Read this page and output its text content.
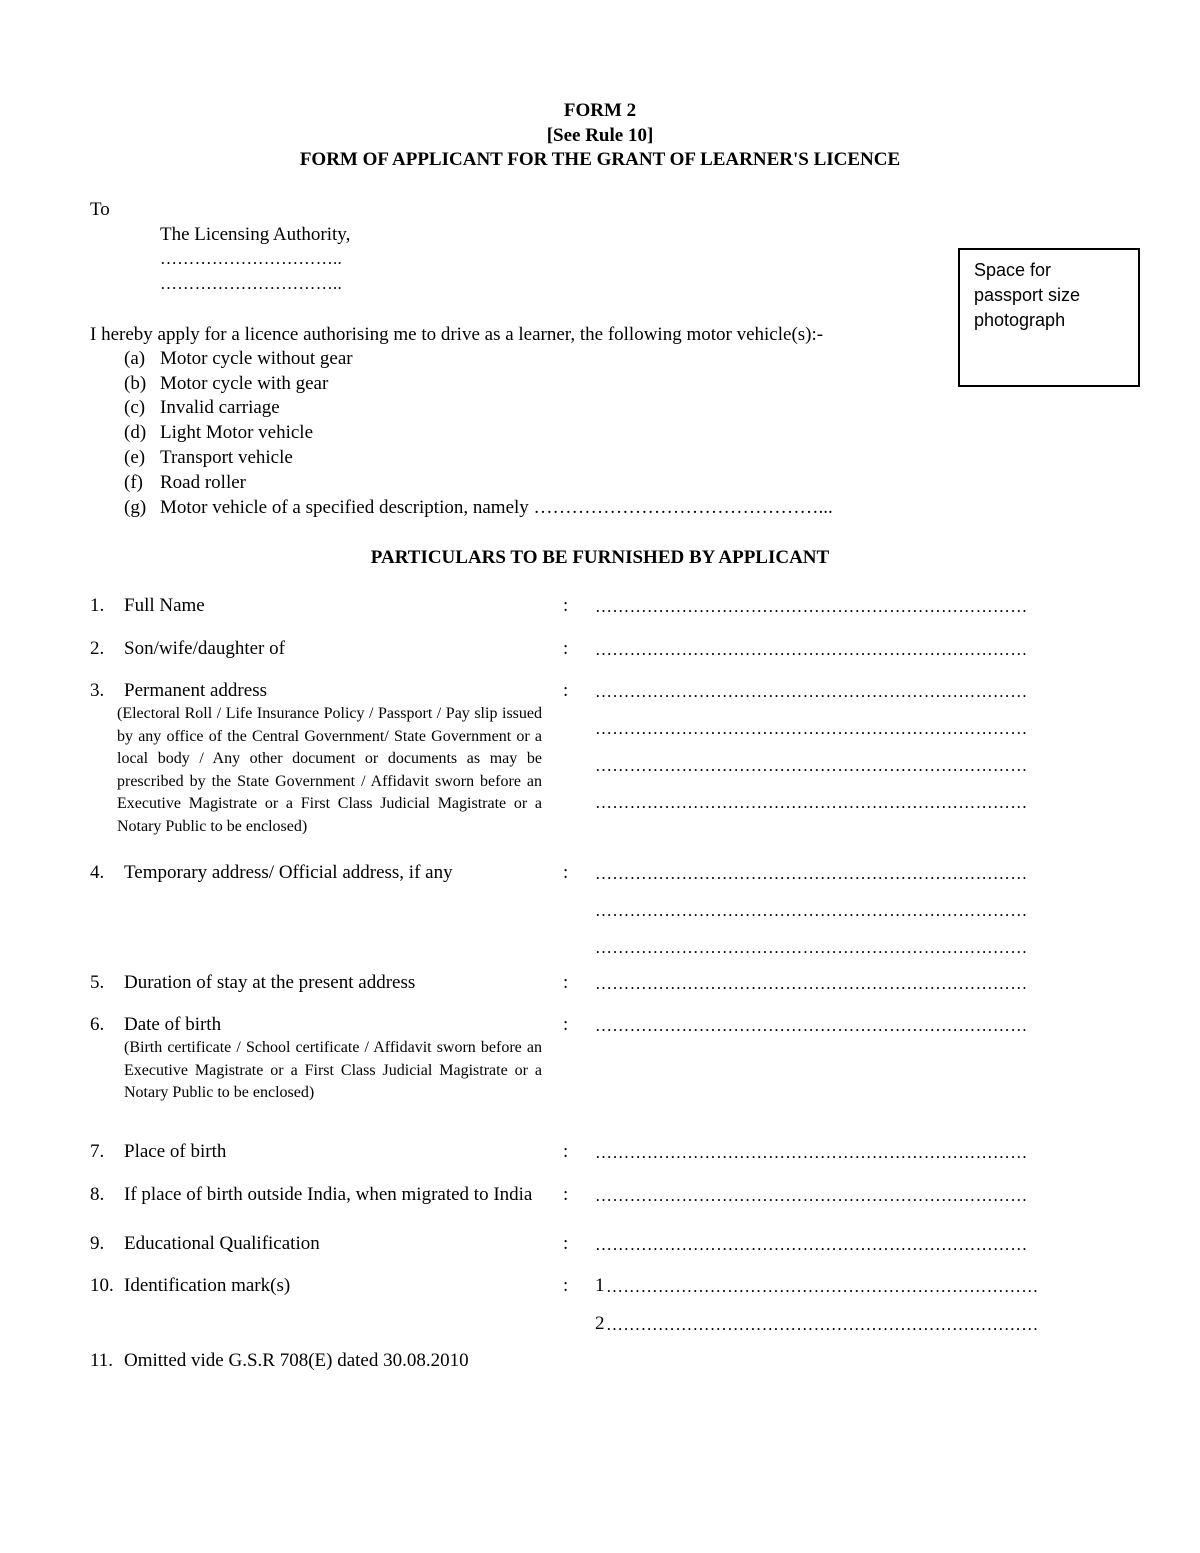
FORM 2
[See Rule 10]
FORM OF APPLICANT FOR THE GRANT OF LEARNER'S LICENCE
To
The Licensing Authority,
…………………………..
…………………………..
Space for passport size photograph
I hereby apply for a licence authorising me to drive as a learner, the following motor vehicle(s):-
(a) Motor cycle without gear
(b) Motor cycle with gear
(c) Invalid carriage
(d) Light Motor vehicle
(e) Transport vehicle
(f) Road roller
(g) Motor vehicle of a specified description, namely ………………………………………...
PARTICULARS TO BE FURNISHED BY APPLICANT
1. Full Name	: …………………………………………………………………
2. Son/wife/daughter of	: …………………………………………………………………
3. Permanent address
(Electoral Roll / Life Insurance Policy / Passport / Pay slip issued by any office of the Central Government/ State Government or a local body / Any other document or documents as may be prescribed by the State Government / Affidavit sworn before an Executive Magistrate or a First Class Judicial Magistrate or a Notary Public to be enclosed)
: …………………………………………………………………
…………………………………………………………………
…………………………………………………………………
…………………………………………………………………
4. Temporary address/ Official address, if any	: …………………………………………………………………
…………………………………………………………………
…………………………………………………………………
5. Duration of stay at the present address	: …………………………………………………………………
6. Date of birth
(Birth certificate / School certificate / Affidavit sworn before an Executive Magistrate or a First Class Judicial Magistrate or a Notary Public to be enclosed)
: …………………………………………………………………
7. Place of birth	: …………………………………………………………………
8. If place of birth outside India, when migrated to India	: …………………………………………………………………
9. Educational Qualification	: …………………………………………………………………
10. Identification mark(s)	: 1 …………………………………………………………………
2 …………………………………………………………………
11. Omitted vide G.S.R 708(E) dated 30.08.2010
